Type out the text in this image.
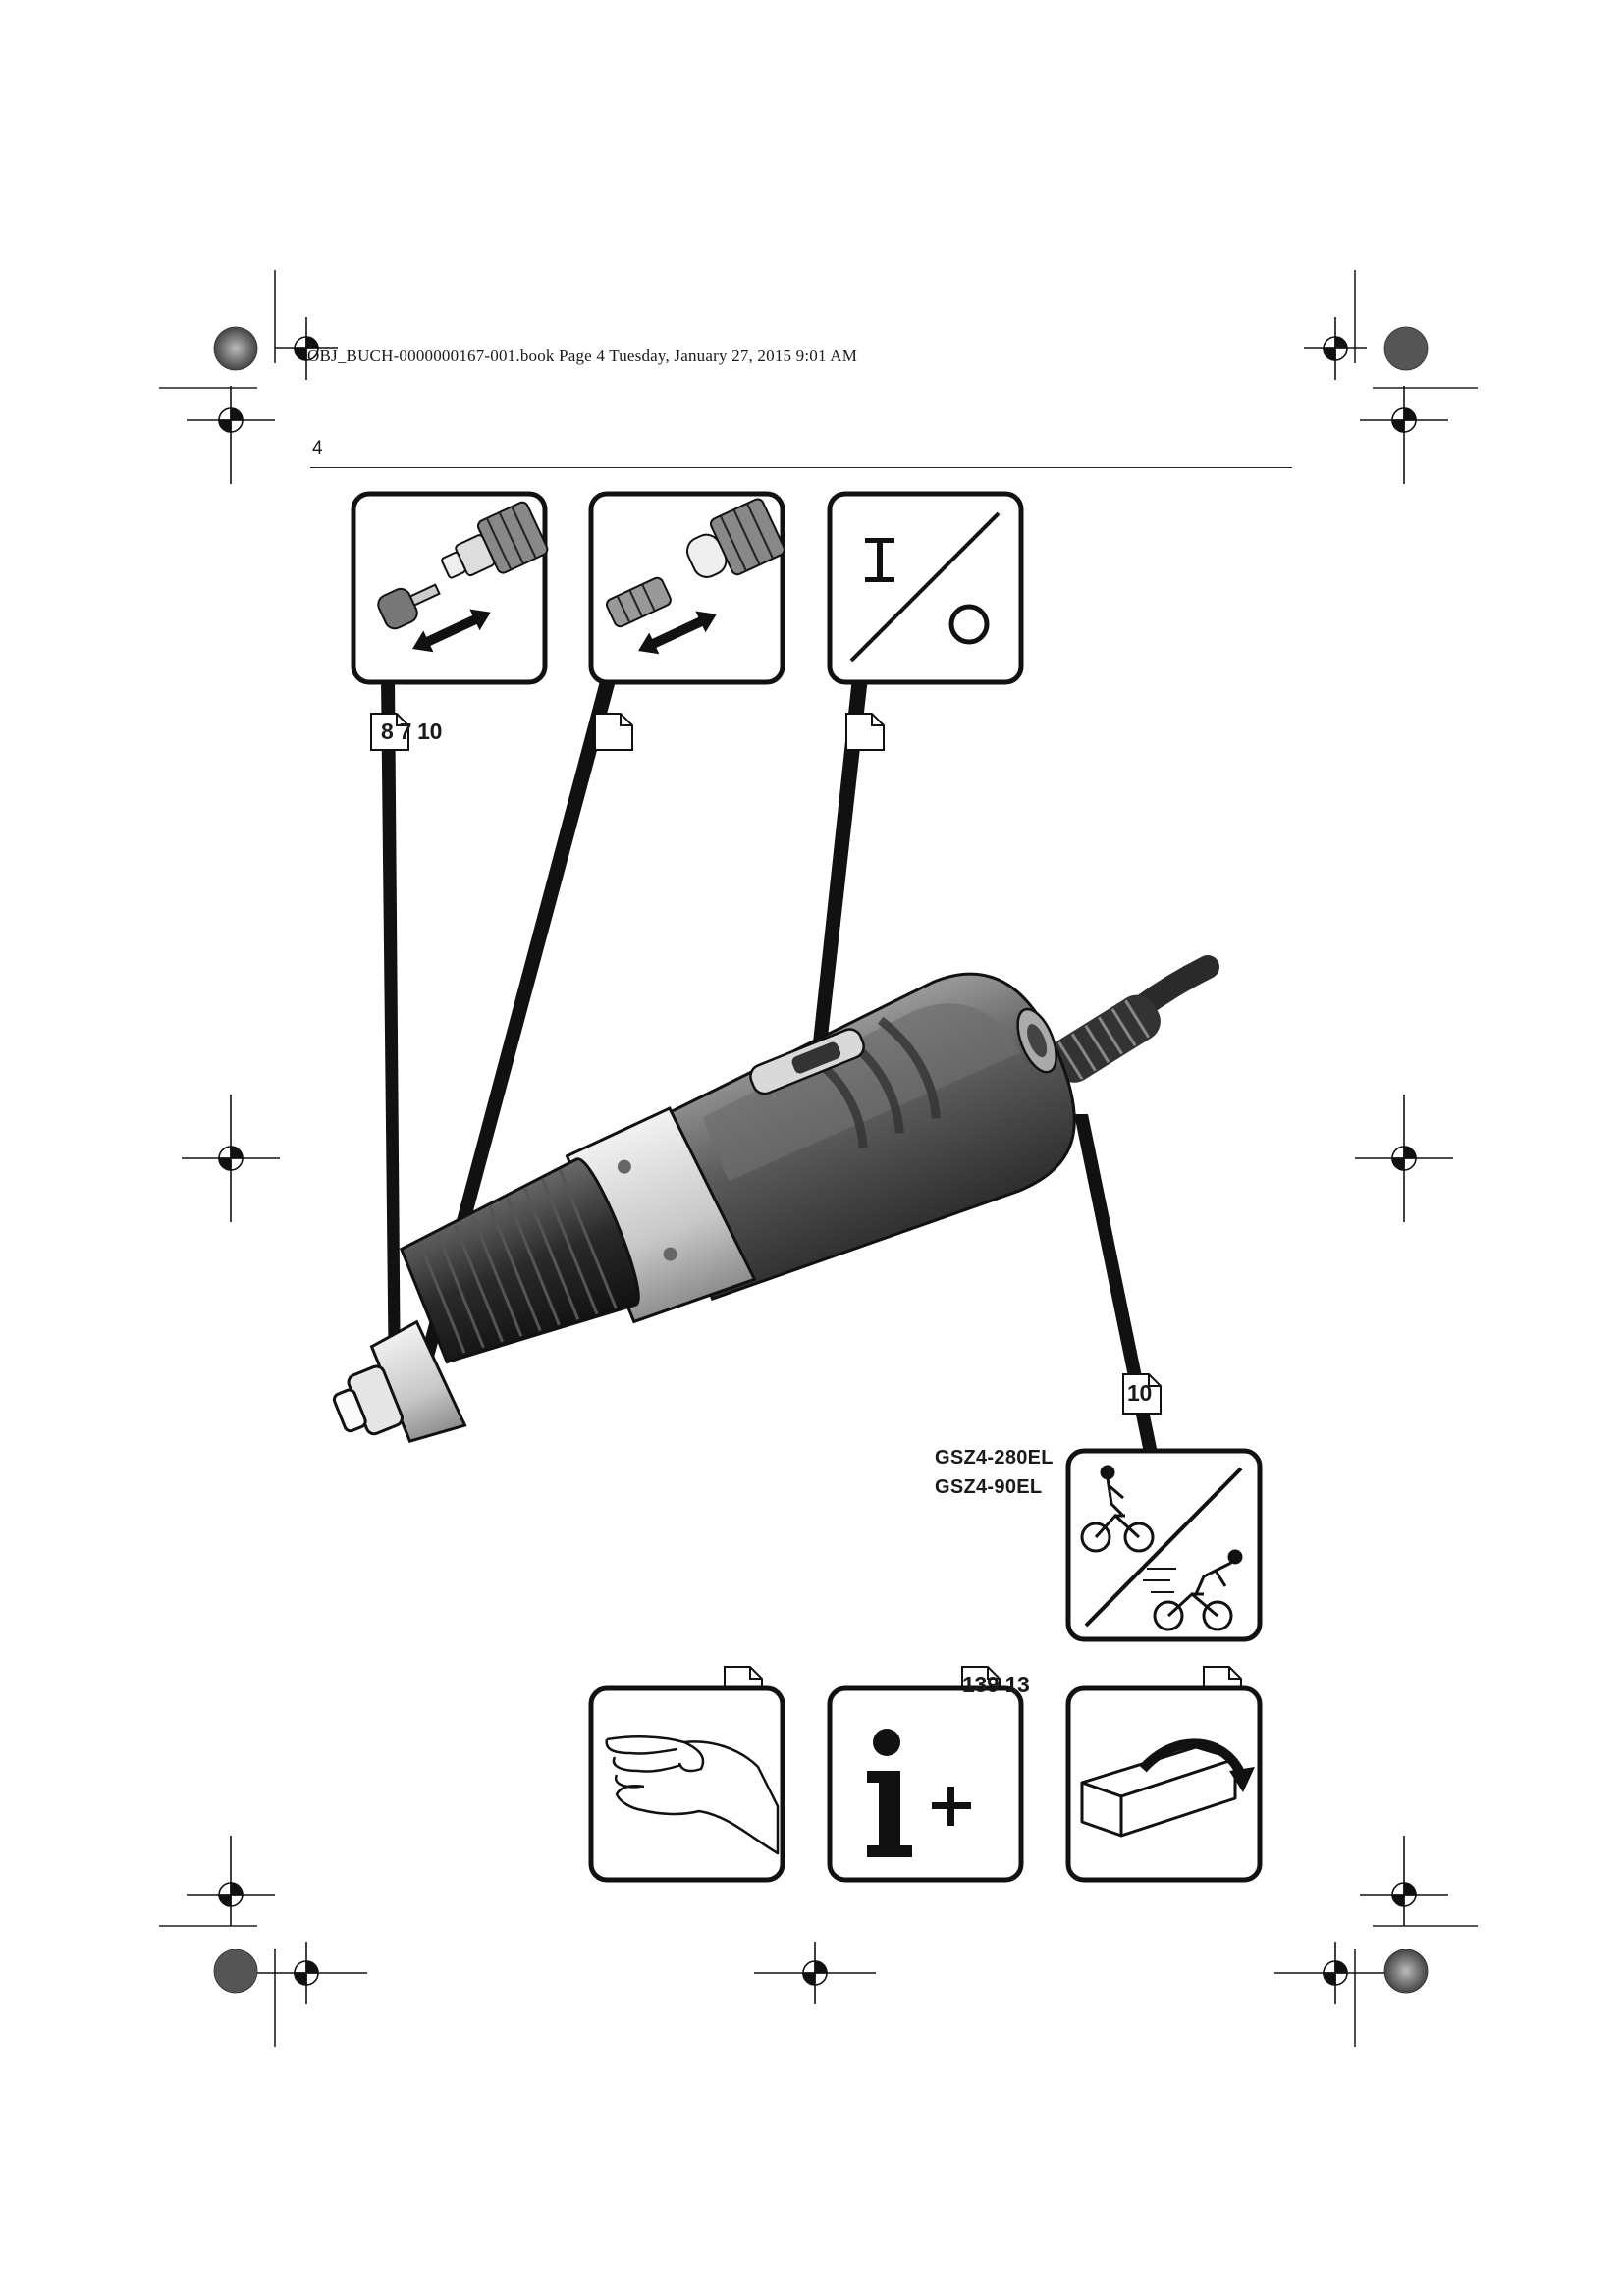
OBJ_BUCH-0000000167-001.book Page 4 Tuesday, January 27, 2015 9:01 AM
4
8 7 10
10
139 13
GSZ4-280EL
GSZ4-90EL
